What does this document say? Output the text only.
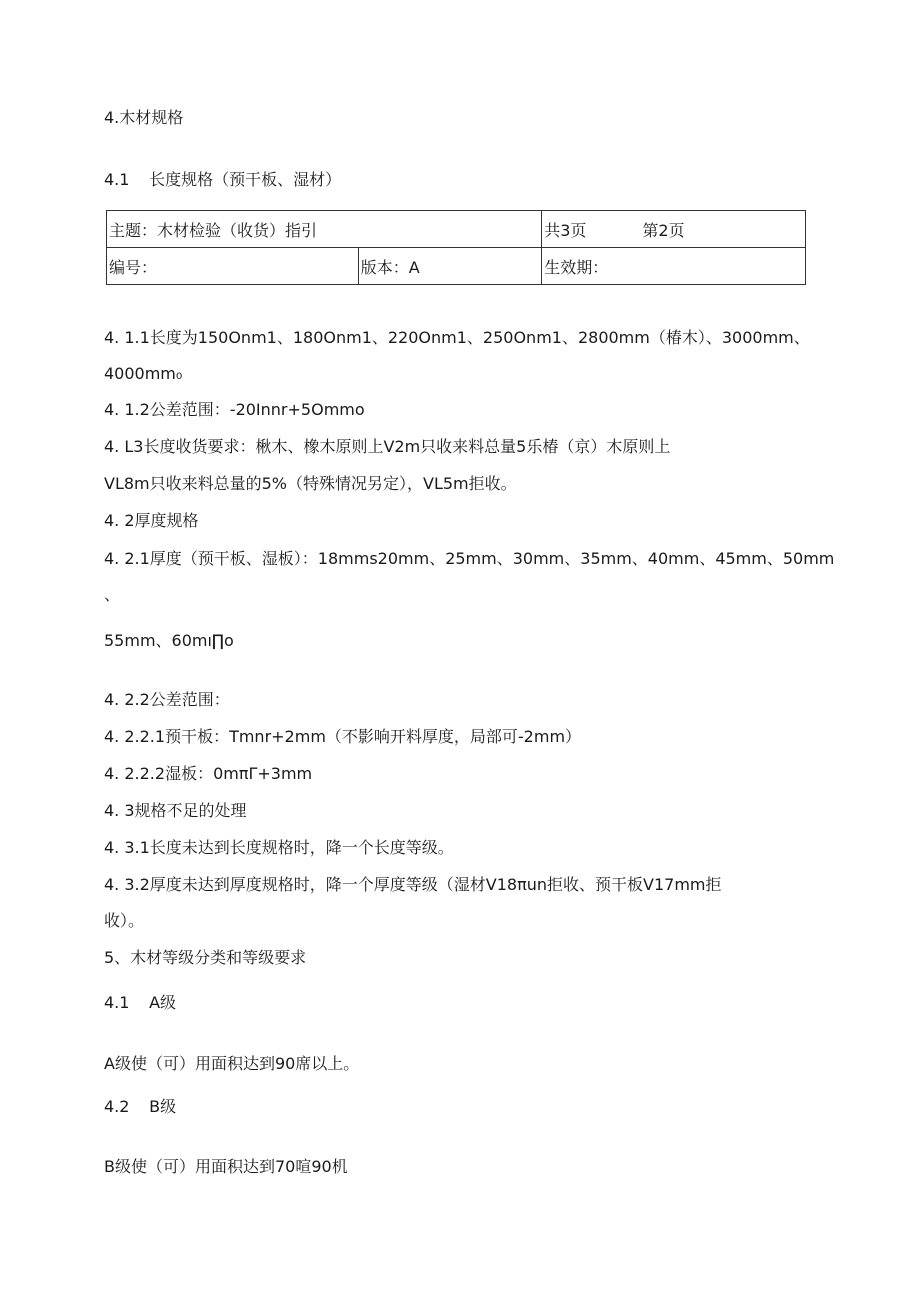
4.木材规格
4.1 长度规格（预干板、湿材）
主题：木材检验（收货）指引		共3页 第2页
编号：	版本：A	生效期：
4. 1.1长度为150Onm1、180Onm1、220Onm1、250Onm1、2800mm（椿木）、3000mm、
4000mm₀
4. 1.2公差范围：-20Innr+5Ommo
4. L3长度收货要求：楸木、橡木原则上V2m只收来料总量5乐椿（京）木原则上
VL8m只收来料总量的5%（特殊情况另定），VL5m拒收。
4. 2厚度规格
4. 2.1厚度（预干板、湿板）：18mms20mm、25mm、30mm、35mm、40mm、45mm、50mm
、
55mm、60mı∏o
4. 2.2公差范围：
4. 2.2.1预干板：Tmnr+2mm（不影响开料厚度，局部可-2mm）
4. 2.2.2湿板：0mπΓ+3mm
4. 3规格不足的处理
4. 3.1长度未达到长度规格时，降一个长度等级。
4. 3.2厚度未达到厚度规格时，降一个厚度等级（湿材V18πun拒收、预干板V17mm拒
收）。
5、木材等级分类和等级要求
4.1 A级
A级使（可）用面积达到90席以上。
4.2 B级
B级使（可）用面积达到70喧90机
